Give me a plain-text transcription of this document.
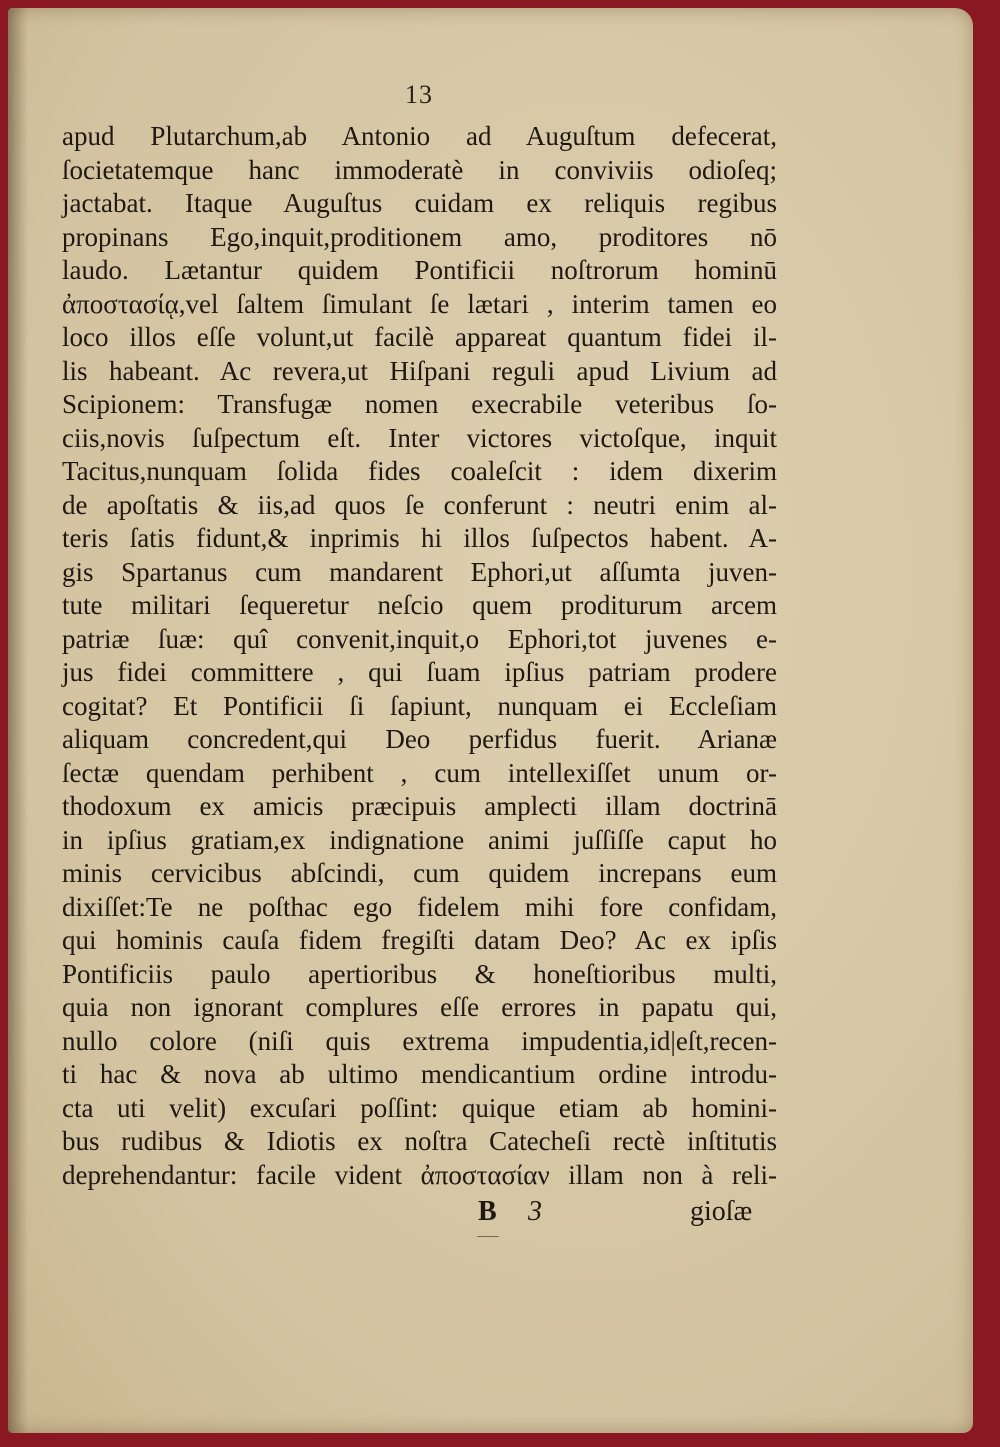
13
apud Plutarchum,ab Antonio ad Auguſtum defecerat,
ſocietatemque hanc immoderatè in conviviis odioſeq;
jactabat. Itaque Auguſtus cuidam ex reliquis regibus
propinans Ego,inquit,proditionem amo, proditores nō
laudo. Lætantur quidem Pontificii noſtrorum hominū
ἀποστασίᾳ,vel ſaltem ſimulant ſe lætari , interim tamen eo
loco illos eſſe volunt,ut facilè appareat quantum fidei il-
lis habeant. Ac revera,ut Hiſpani reguli apud Livium ad
Scipionem: Transfugæ nomen execrabile veteribus ſo-
ciis,novis ſuſpectum eſt. Inter victores victoſque, inquit
Tacitus,nunquam ſolida fides coaleſcit : idem dixerim
de apoſtatis & iis,ad quos ſe conferunt : neutri enim al-
teris ſatis fidunt,& inprimis hi illos ſuſpectos habent. A-
gis Spartanus cum mandarent Ephori,ut aſſumta juven-
tute militari ſequeretur neſcio quem proditurum arcem
patriæ ſuæ: quî convenit,inquit,o Ephori,tot juvenes e-
jus fidei committere , qui ſuam ipſius patriam prodere
cogitat? Et Pontificii ſi ſapiunt, nunquam ei Eccleſiam
aliquam concredent,qui Deo perfidus fuerit. Arianæ
ſectæ quendam perhibent , cum intellexiſſet unum or-
thodoxum ex amicis præcipuis amplecti illam doctrinā
in ipſius gratiam,ex indignatione animi juſſiſſe caput ho
minis cervicibus abſcindi, cum quidem increpans eum
dixiſſet:Te ne poſthac ego fidelem mihi fore confidam,
qui hominis cauſa fidem fregiſti datam Deo? Ac ex ipſis
Pontificiis paulo apertioribus & honeſtioribus multi,
quia non ignorant complures eſſe errores in papatu qui,
nullo colore (niſi quis extrema impudentia,id|eſt,recen-
ti hac & nova ab ultimo mendicantium ordine introdu-
cta uti velit) excuſari poſſint: quique etiam ab homini-
bus rudibus & Idiotis ex noſtra Catecheſi rectè inſtitutis
deprehendantur: facile vident ἀποστασίαν illam non à reli-
B 3	gioſæ
